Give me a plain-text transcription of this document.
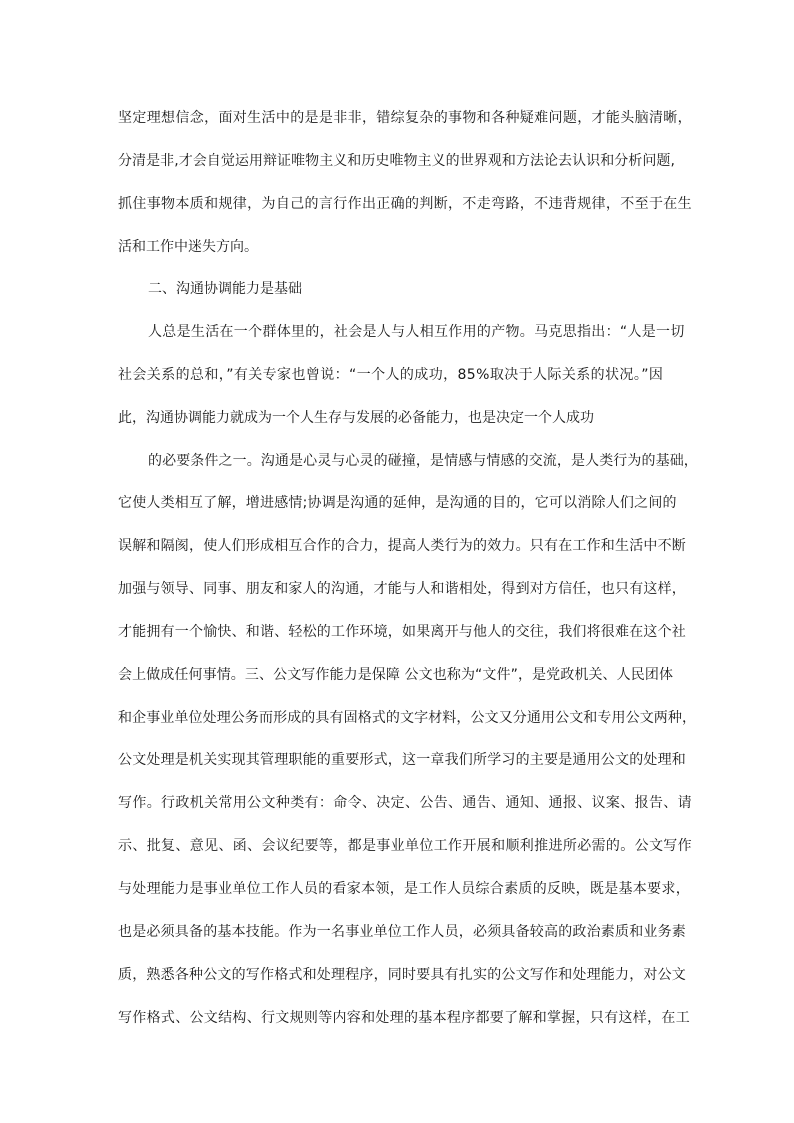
坚定理想信念，面对生活中的是是非非，错综复杂的事物和各种疑难问题，才能头脑清晰，
分清是非,才会自觉运用辩证唯物主义和历史唯物主义的世界观和方法论去认识和分析问题,
抓住事物本质和规律，为自己的言行作出正确的判断，不走弯路，不违背规律，不至于在生
活和工作中迷失方向。
二、沟通协调能力是基础
人总是生活在一个群体里的，社会是人与人相互作用的产物。马克思指出：“人是一切
社会关系的总和，”有关专家也曾说：“一个人的成功，85%取决于人际关系的状况。”因
此，沟通协调能力就成为一个人生存与发展的必备能力，也是决定一个人成功
的必要条件之一。沟通是心灵与心灵的碰撞，是情感与情感的交流，是人类行为的基础，
它使人类相互了解，增进感情;协调是沟通的延伸，是沟通的目的，它可以消除人们之间的
误解和隔阂，使人们形成相互合作的合力，提高人类行为的效力。只有在工作和生活中不断
加强与领导、同事、朋友和家人的沟通，才能与人和谐相处，得到对方信任，也只有这样，
才能拥有一个愉快、和谐、轻松的工作环境，如果离开与他人的交往，我们将很难在这个社
会上做成任何事情。三、公文写作能力是保障 公文也称为“文件”，是党政机关、人民团体
和企事业单位处理公务而形成的具有固格式的文字材料，公文又分通用公文和专用公文两种，
公文处理是机关实现其管理职能的重要形式，这一章我们所学习的主要是通用公文的处理和
写作。行政机关常用公文种类有：命令、决定、公告、通告、通知、通报、议案、报告、请
示、批复、意见、函、会议纪要等，都是事业单位工作开展和顺利推进所必需的。公文写作
与处理能力是事业单位工作人员的看家本领，是工作人员综合素质的反映，既是基本要求，
也是必须具备的基本技能。作为一名事业单位工作人员，必须具备较高的政治素质和业务素
质，熟悉各种公文的写作格式和处理程序，同时要具有扎实的公文写作和处理能力，对公文
写作格式、公文结构、行文规则等内容和处理的基本程序都要了解和掌握，只有这样，在工
